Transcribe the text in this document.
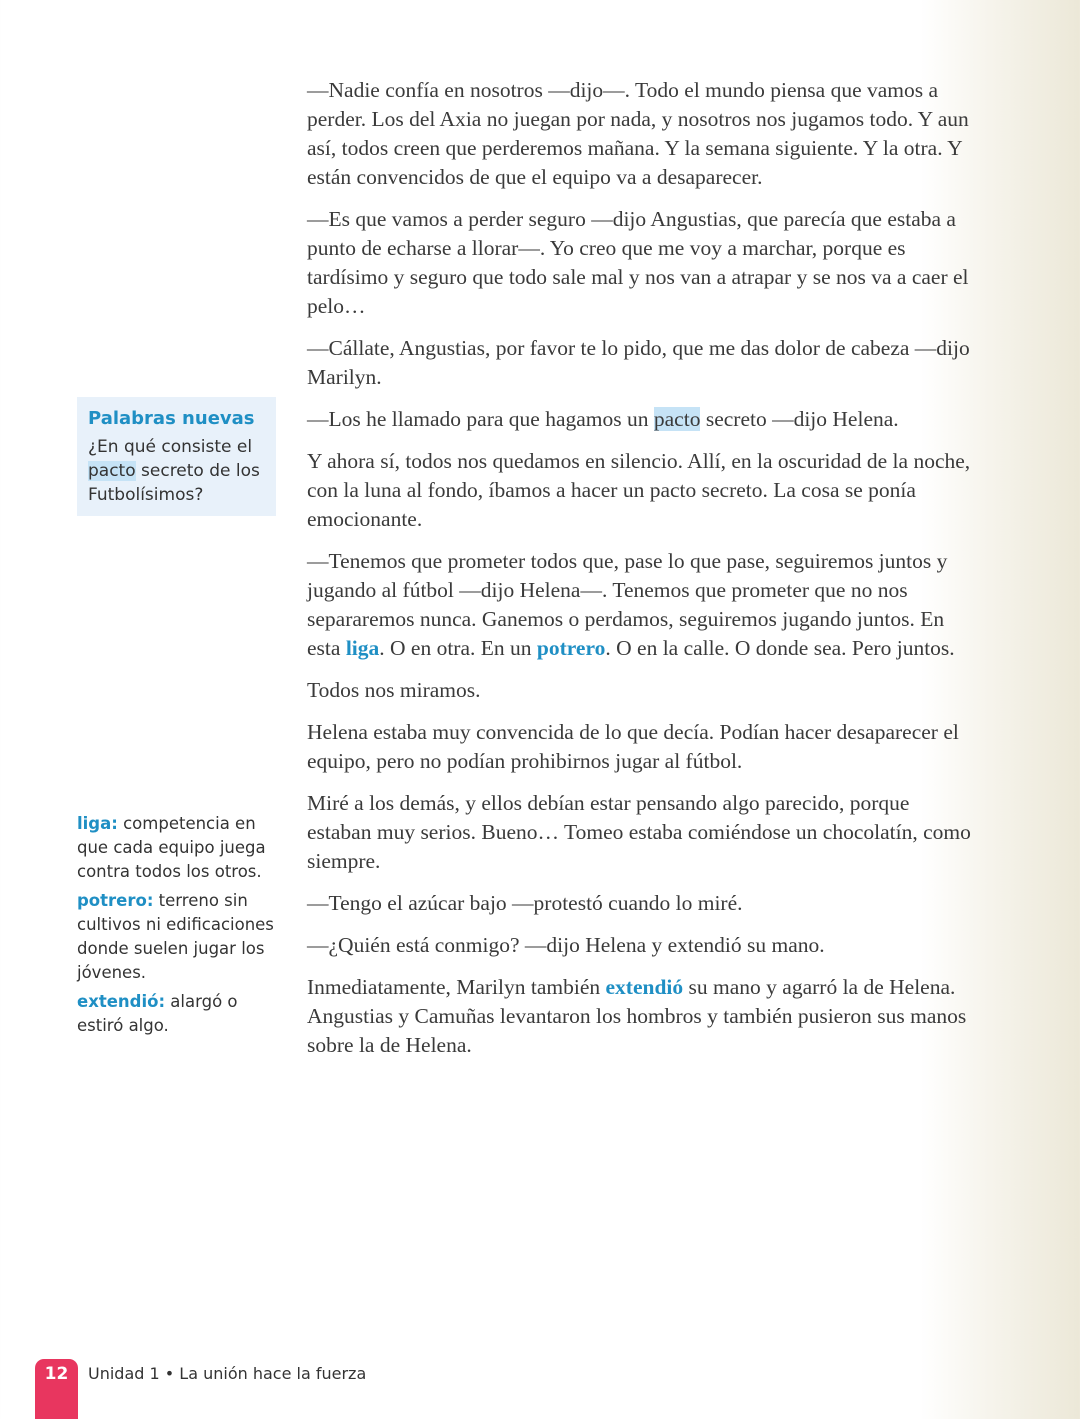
—Nadie confía en nosotros —dijo—. Todo el mundo piensa que vamos a perder. Los del Axia no juegan por nada, y nosotros nos jugamos todo. Y aun así, todos creen que perderemos mañana. Y la semana siguiente. Y la otra. Y están convencidos de que el equipo va a desaparecer.

—Es que vamos a perder seguro —dijo Angustias, que parecía que estaba a punto de echarse a llorar—. Yo creo que me voy a marchar, porque es tardísimo y seguro que todo sale mal y nos van a atrapar y se nos va a caer el pelo…

—Cállate, Angustias, por favor te lo pido, que me das dolor de cabeza —dijo Marilyn.

—Los he llamado para que hagamos un pacto secreto —dijo Helena.

Y ahora sí, todos nos quedamos en silencio. Allí, en la oscuridad de la noche, con la luna al fondo, íbamos a hacer un pacto secreto. La cosa se ponía emocionante.

—Tenemos que prometer todos que, pase lo que pase, seguiremos juntos y jugando al fútbol —dijo Helena—. Tenemos que prometer que no nos separaremos nunca. Ganemos o perdamos, seguiremos jugando juntos. En esta liga. O en otra. En un potrero. O en la calle. O donde sea. Pero juntos.

Todos nos miramos.

Helena estaba muy convencida de lo que decía. Podían hacer desaparecer el equipo, pero no podían prohibirnos jugar al fútbol.

Miré a los demás, y ellos debían estar pensando algo parecido, porque estaban muy serios. Bueno… Tomeo estaba comiéndose un chocolatín, como siempre.

—Tengo el azúcar bajo —protestó cuando lo miré.

—¿Quién está conmigo? —dijo Helena y extendió su mano.

Inmediatamente, Marilyn también extendió su mano y agarró la de Helena. Angustias y Camuñas levantaron los hombros y también pusieron sus manos sobre la de Helena.

Palabras nuevas
¿En qué consiste el pacto secreto de los Futbolísimos?
liga: competencia en que cada equipo juega contra todos los otros.
potrero: terreno sin cultivos ni edificaciones donde suelen jugar los jóvenes.
extendió: alargó o estiró algo.
12	Unidad 1 • La unión hace la fuerza
